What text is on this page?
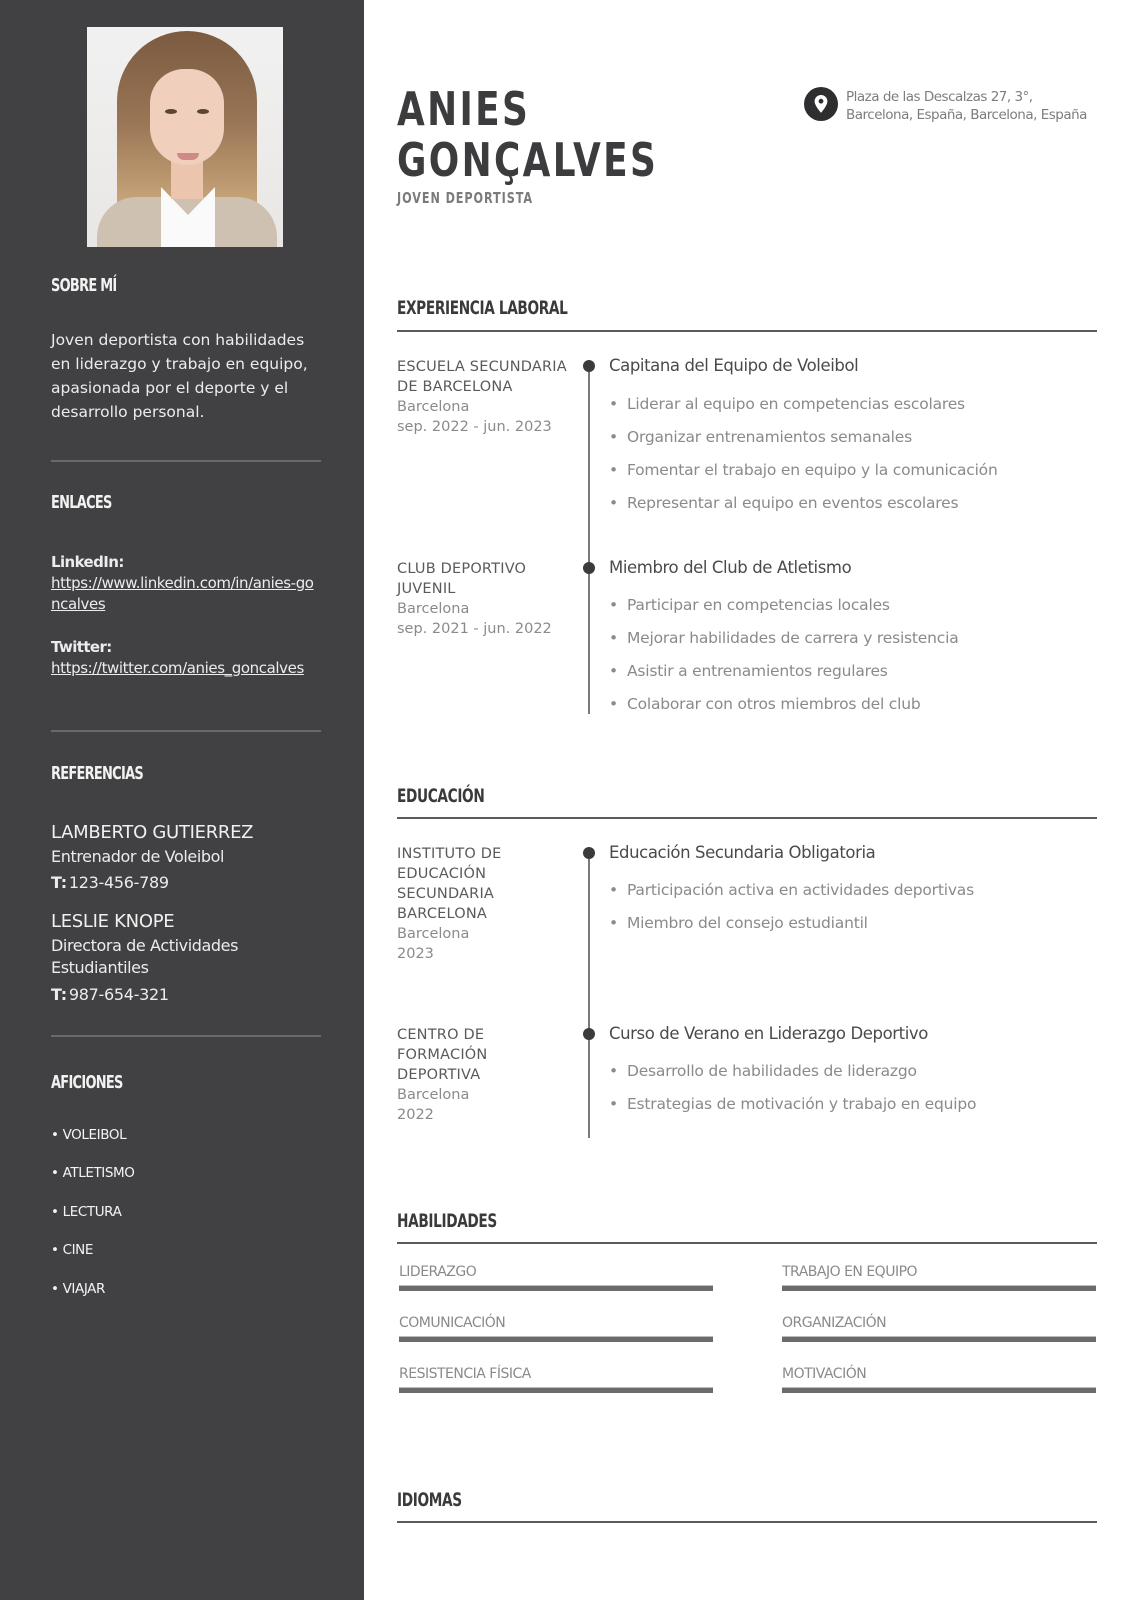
SOBRE MÍ

Joven deportista con habilidades en liderazgo y trabajo en equipo, apasionada por el deporte y el desarrollo personal.

ENLACES
LinkedIn:
https://www.linkedin.com/in/anies-goncalves
Twitter:
https://twitter.com/anies_goncalves
REFERENCIAS
LAMBERTO GUTIERREZ
Entrenador de Voleibol
T: 123-456-789
LESLIE KNOPE
Directora de Actividades Estudiantiles
T: 987-654-321
AFICIONES
• VOLEIBOL
• ATLETISMO
• LECTURA
• CINE
• VIAJAR
ANIES
GONÇALVES
JOVEN DEPORTISTA
Plaza de las Descalzas 27, 3°,
Barcelona, España, Barcelona, España
EXPERIENCIA LABORAL
ESCUELA SECUNDARIA DE BARCELONA
Barcelona
sep. 2022 - jun. 2023
Capitana del Equipo de Voleibol
• Liderar al equipo en competencias escolares
• Organizar entrenamientos semanales
• Fomentar el trabajo en equipo y la comunicación
• Representar al equipo en eventos escolares
CLUB DEPORTIVO JUVENIL
Barcelona
sep. 2021 - jun. 2022
Miembro del Club de Atletismo
• Participar en competencias locales
• Mejorar habilidades de carrera y resistencia
• Asistir a entrenamientos regulares
• Colaborar con otros miembros del club
EDUCACIÓN
INSTITUTO DE EDUCACIÓN SECUNDARIA BARCELONA
Barcelona
2023
Educación Secundaria Obligatoria
• Participación activa en actividades deportivas
• Miembro del consejo estudiantil
CENTRO DE FORMACIÓN DEPORTIVA
Barcelona
2022
Curso de Verano en Liderazgo Deportivo
• Desarrollo de habilidades de liderazgo
• Estrategias de motivación y trabajo en equipo
HABILIDADES
LIDERAZGO	TRABAJO EN EQUIPO
COMUNICACIÓN	ORGANIZACIÓN
RESISTENCIA FÍSICA	MOTIVACIÓN
IDIOMAS
